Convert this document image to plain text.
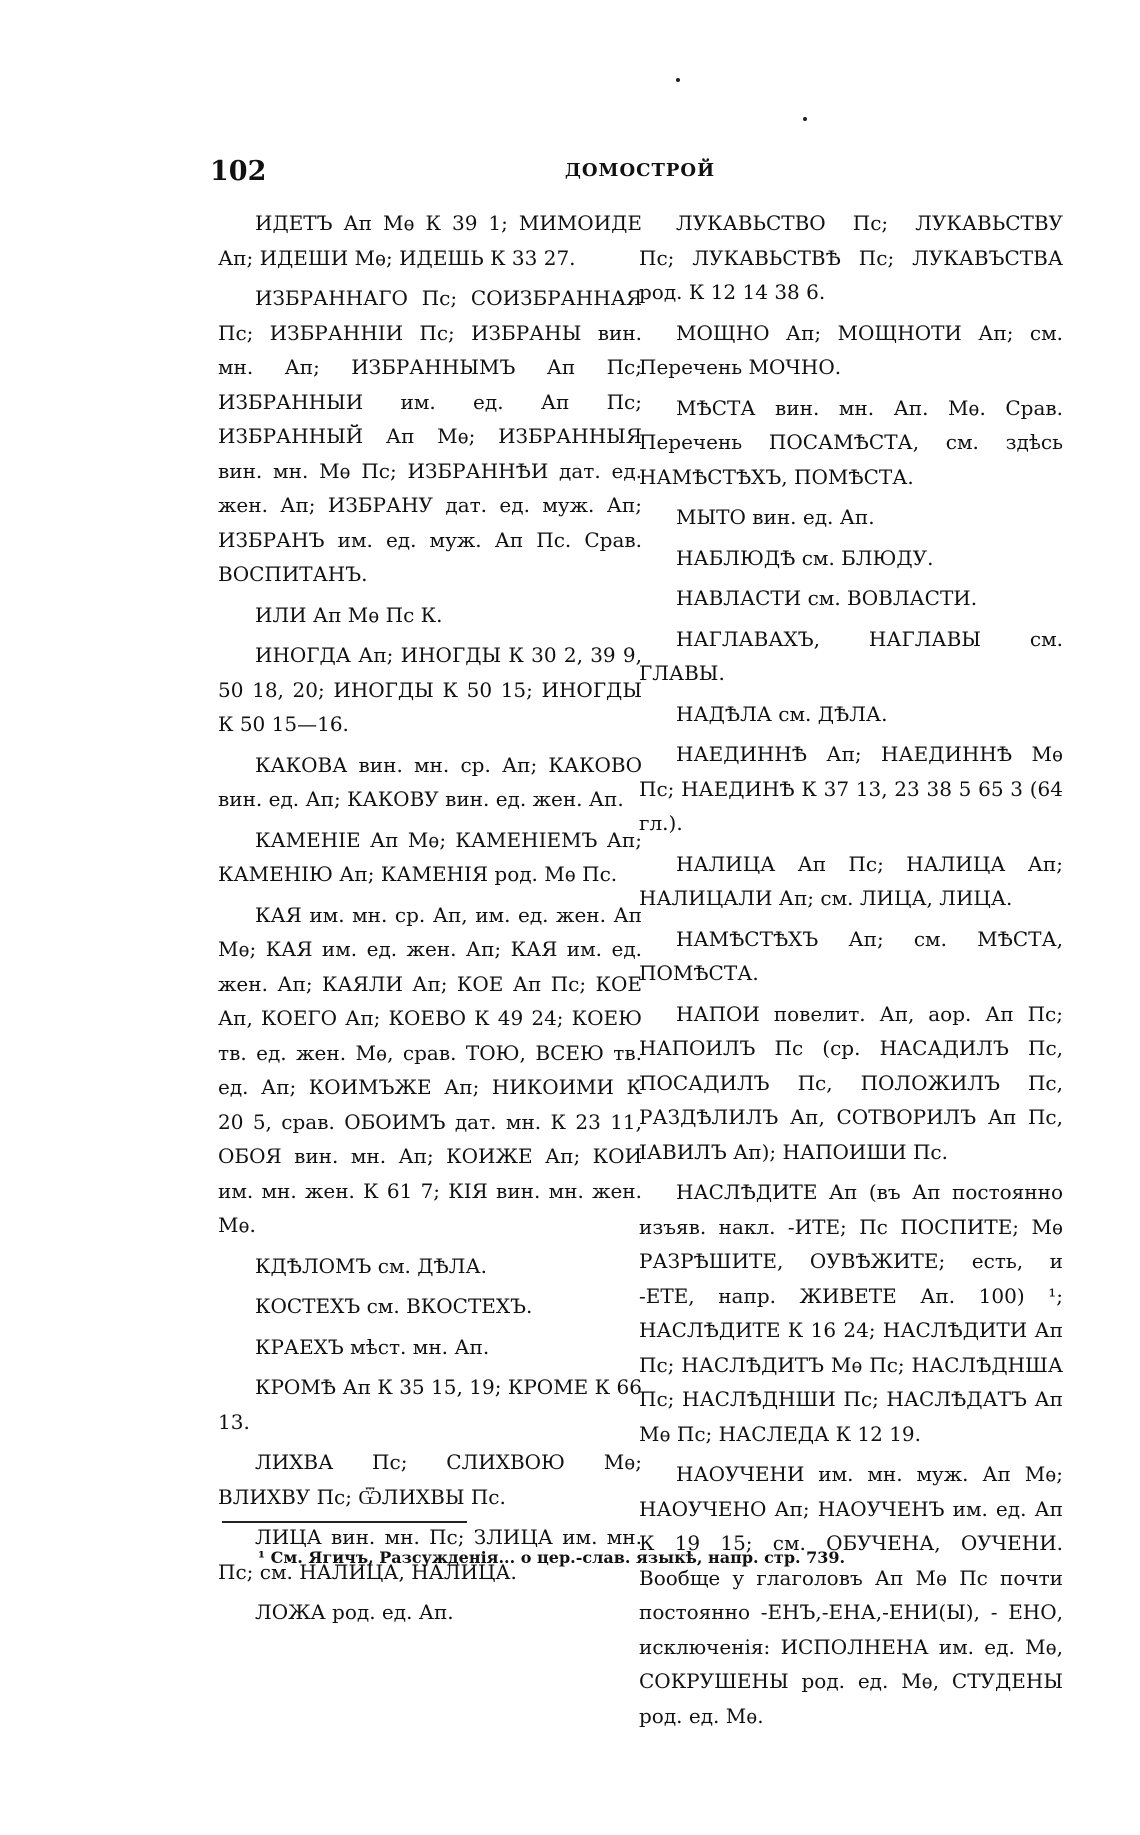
102	ДОМОСТРОЙ

ИДЕТЪ Ап Мѳ К 39 1; МИМОИДЕ Ап; ИДЕШИ Мѳ; ИДЕШЬ К 33 27.

ИЗБРАННАГО Пс; СОИЗБРАННАЯ Пс; ИЗБРАННІИ Пс; ИЗБРАНЫ вин. мн. Ап; ИЗБРАННЫМЪ Ап Пс; ИЗБРАННЫИ им. ед. Ап Пс; ИЗБРАННЫЙ Ап Мѳ; ИЗБРАННЫЯ вин. мн. Мѳ Пс; ИЗБРАННѢИ дат. ед. жен. Ап; ИЗБРАНУ дат. ед. муж. Ап; ИЗБРАНЪ им. ед. муж. Ап Пс. Срав. ВОСПИТАНЪ.

ИЛИ Ап Мѳ Пс К.

ИНОГДА Ап; ИНОГДЫ К 30 2, 39 9, 50 18, 20; ИНОГДЫ К 50 15; ИНОГДЫ К 50 15—16.

КАКОВА вин. мн. ср. Ап; КАКОВО вин. ед. Ап; КАКОВУ вин. ед. жен. Ап.

КАМЕНІЕ Ап Мѳ; КАМЕНІЕМЪ Ап; КАМЕНІЮ Ап; КАМЕНІЯ род. Мѳ Пс.

КАЯ им. мн. ср. Ап, им. ед. жен. Ап Мѳ; КАЯ им. ед. жен. Ап; КАЯ им. ед. жен. Ап; КАЯЛИ Ап; КОЕ Ап Пс; КОЕ Ап, КОЕГО Ап; КОЕВО К 49 24; КОЕЮ тв. ед. жен. Мѳ, срав. ТОЮ, ВСЕЮ тв. ед. Ап; КОИМЪЖЕ Ап; НИКОИМИ К 20 5, срав. ОБОИМЪ дат. мн. К 23 11, ОБОЯ вин. мн. Ап; КОИЖЕ Ап; КОИ им. мн. жен. К 61 7; КІЯ вин. мн. жен. Мѳ.

КДѢЛОМЪ см. ДѢЛА.

КОСТЕХЪ см. ВКОСТЕХЪ.

КРАЕХЪ мѣст. мн. Ап.

КРОМѢ Ап К 35 15, 19; КРОМЕ К 66 13.

ЛИХВА Пс; СЛИХВОЮ Мѳ; ВЛИХВУ Пс; ѾЛИХВЫ Пс.

ЛИЦА вин. мн. Пс; ЗЛИЦА им. мн. Пс; см. НАЛИЦА, НАЛИЦА.

ЛОЖА род. ед. Ап.

ЛУКАВЬСТВО Пс; ЛУКАВЬСТВУ Пс; ЛУКАВЬСТВѢ Пс; ЛУКАВЪСТВА род. К 12 14 38 6.

МОЩНО Ап; МОЩНОТИ Ап; см. Перечень МОЧНО.

МѢСТА вин. мн. Ап. Мѳ. Срав. Перечень ПОСАМѢСТА, см. здѣсь НАМѢСТѢХЪ, ПОМѢСТА.

МЫТО вин. ед. Ап.

НАБЛЮДѢ см. БЛЮДУ.

НАВЛАСТИ см. ВОВЛАСТИ.

НАГЛАВАХЪ, НАГЛАВЫ см. ГЛАВЫ.

НАДѢЛА см. ДѢЛА.

НАЕДИННѢ Ап; НАЕДИННѢ Мѳ Пс; НАЕДИНѢ К 37 13, 23 38 5 65 3 (64 гл.).

НАЛИЦА Ап Пс; НАЛИЦА Ап; НАЛИЦАЛИ Ап; см. ЛИЦА, ЛИЦА.

НАМѢСТѢХЪ Ап; см. МѢСТА, ПОМѢСТА.

НАПОИ повелит. Ап, аор. Ап Пс; НАПОИЛЪ Пс (ср. НАСАДИЛЪ Пс, ПОСАДИЛЪ Пс, ПОЛОЖИЛЪ Пс, РАЗДѢЛИЛЪ Ап, СОТВОРИЛЪ Ап Пс, ІАВИЛЪ Ап); НАПОИШИ Пс.

НАСЛѢДИТЕ Ап (въ Ап постоянно изъяв. накл. -ИТЕ; Пс ПОСПИТЕ; Мѳ РАЗРѢШИТЕ, ОУВѢЖИТЕ; есть, и -ЕТЕ, напр. ЖИВЕТЕ Ап. 100) ¹; НАСЛѢДИТЕ К 16 24; НАСЛѢДИТИ Ап Пс; НАСЛѢДИТЪ Мѳ Пс; НАСЛѢДНША Пс; НАСЛѢДНШИ Пс; НАСЛѢДАТЪ Ап Мѳ Пс; НАСЛЕДА К 12 19.

НАОУЧЕНИ им. мн. муж. Ап Мѳ; НАОУЧЕНО Ап; НАОУЧЕНЪ им. ед. Ап К 19 15; см. ОБУЧЕНА, ОУЧЕНИ. Вообще у глаголовъ Ап Мѳ Пс почти постоянно -ЕНЪ,-ЕНА,-ЕНИ(Ы), - ЕНО, исключенія: ИСПОЛНЕНА им. ед. Мѳ, СОКРУШЕНЫ род. ед. Мѳ, СТУДЕНЫ род. ед. Мѳ.

¹ См. Ягичъ, Разсужденія... о цер.-слав. языкѣ, напр. стр. 739.
